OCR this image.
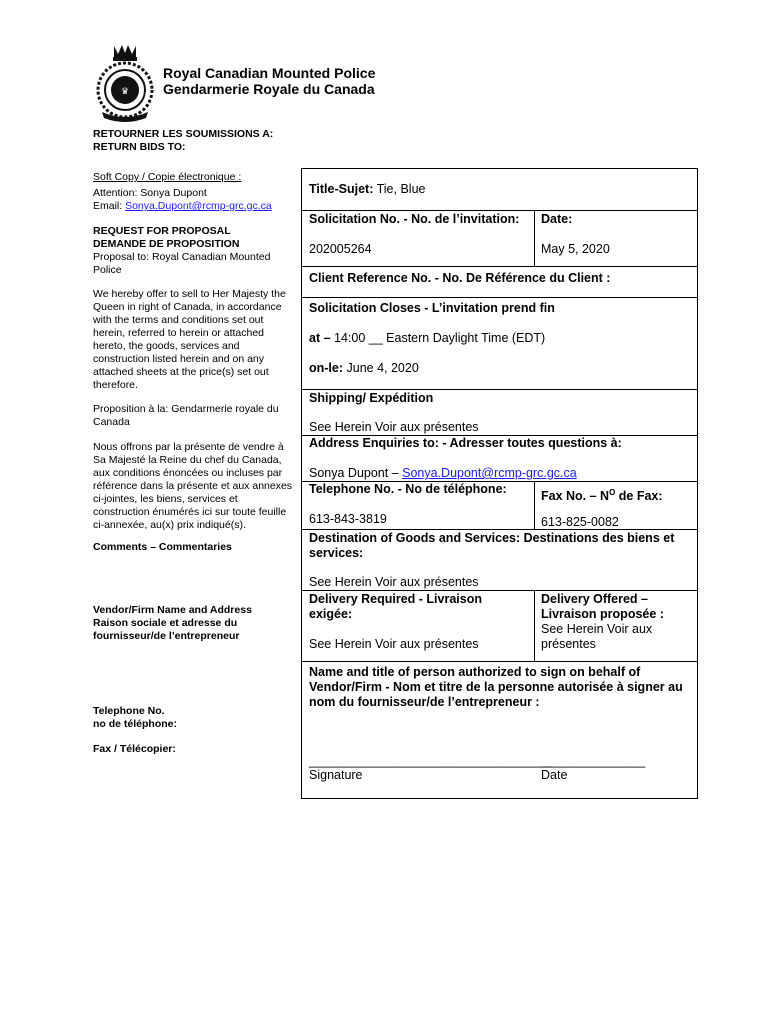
♛
Royal Canadian Mounted Police
Gendarmerie Royale du Canada
RETOURNER LES SOUMISSIONS A:
RETURN BIDS TO:
Soft Copy / Copie électronique :
Attention: Sonya Dupont
Email: Sonya.Dupont@rcmp-grc.gc.ca
REQUEST FOR PROPOSAL
DEMANDE DE PROPOSITION
Proposal to: Royal Canadian Mounted Police
We hereby offer to sell to Her Majesty the Queen in right of Canada, in accordance with the terms and conditions set out herein, referred to herein or attached hereto, the goods, services and construction listed herein and on any attached sheets at the price(s) set out therefore.
Proposition à la: Gendarmerie royale du Canada
Nous offrons par la présente de vendre à Sa Majesté la Reine du chef du Canada, aux conditions énoncées ou incluses par référence dans la présente et aux annexes ci-jointes, les biens, services et construction énumérés ici sur toute feuille ci-annexée, au(x) prix indiqué(s).
Comments – Commentaries
Vendor/Firm Name and Address
Raison sociale et adresse du
fournisseur/de l’entrepreneur
Telephone No.
no de téléphone:
Fax / Télécopier:
Title-Sujet: Tie, Blue
Solicitation No. - No. de l’invitation:
202005264
Date:
May 5, 2020
Client Reference No. - No. De Référence du Client :
Solicitation Closes - L’invitation prend fin
at – 14:00 __ Eastern Daylight Time (EDT)
on-le: June 4, 2020
Shipping/ Expédition
See Herein Voir aux présentes
Address Enquiries to: - Adresser toutes questions à:
Sonya Dupont – Sonya.Dupont@rcmp-grc.gc.ca
Telephone No. - No de téléphone:
613-843-3819
Fax No. – $N^O$ de Fax:
613-825-0082
Destination of Goods and Services: Destinations des biens et
services:
See Herein Voir aux présentes
Delivery Required - Livraison
exigée:
See Herein Voir aux présentes
Delivery Offered –
Livraison proposée :
See Herein Voir aux
présentes
Name and title of person authorized to sign on behalf of
Vendor/Firm - Nom et titre de la personne autorisée à signer au
nom du fournisseur/de l’entrepreneur :
___________________________________
_______________
Signature	Date
